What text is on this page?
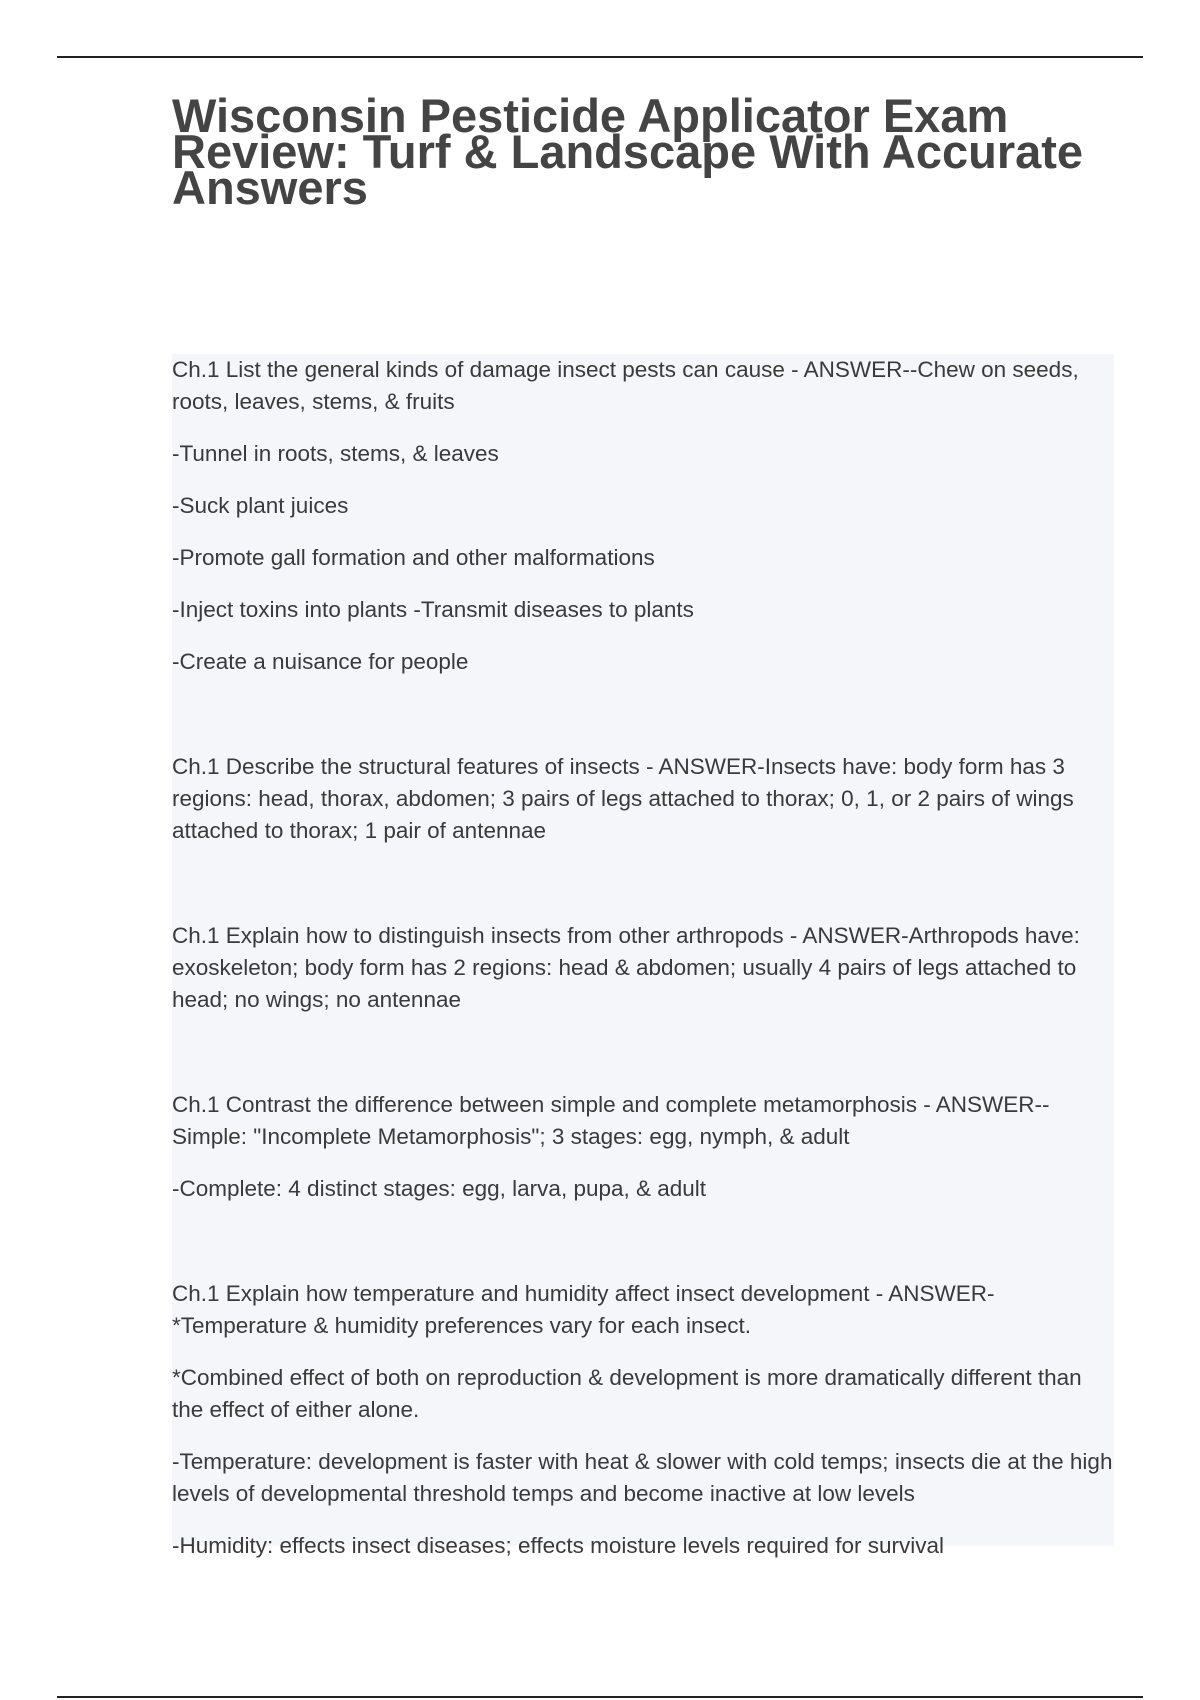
Wisconsin Pesticide Applicator Exam Review: Turf & Landscape With Accurate Answers

Ch.1 List the general kinds of damage insect pests can cause - ANSWER--Chew on seeds, roots, leaves, stems, & fruits

-Tunnel in roots, stems, & leaves

-Suck plant juices

-Promote gall formation and other malformations

-Inject toxins into plants -Transmit diseases to plants

-Create a nuisance for people

Ch.1 Describe the structural features of insects - ANSWER-Insects have: body form has 3 regions: head, thorax, abdomen; 3 pairs of legs attached to thorax; 0, 1, or 2 pairs of wings attached to thorax; 1 pair of antennae

Ch.1 Explain how to distinguish insects from other arthropods - ANSWER-Arthropods have: exoskeleton; body form has 2 regions: head & abdomen; usually 4 pairs of legs attached to head; no wings; no antennae

Ch.1 Contrast the difference between simple and complete metamorphosis - ANSWER--Simple: "Incomplete Metamorphosis"; 3 stages: egg, nymph, & adult

-Complete: 4 distinct stages: egg, larva, pupa, & adult

Ch.1 Explain how temperature and humidity affect insect development - ANSWER-*Temperature & humidity preferences vary for each insect.

*Combined effect of both on reproduction & development is more dramatically different than the effect of either alone.

-Temperature: development is faster with heat & slower with cold temps; insects die at the high levels of developmental threshold temps and become inactive at low levels

-Humidity: effects insect diseases; effects moisture levels required for survival
